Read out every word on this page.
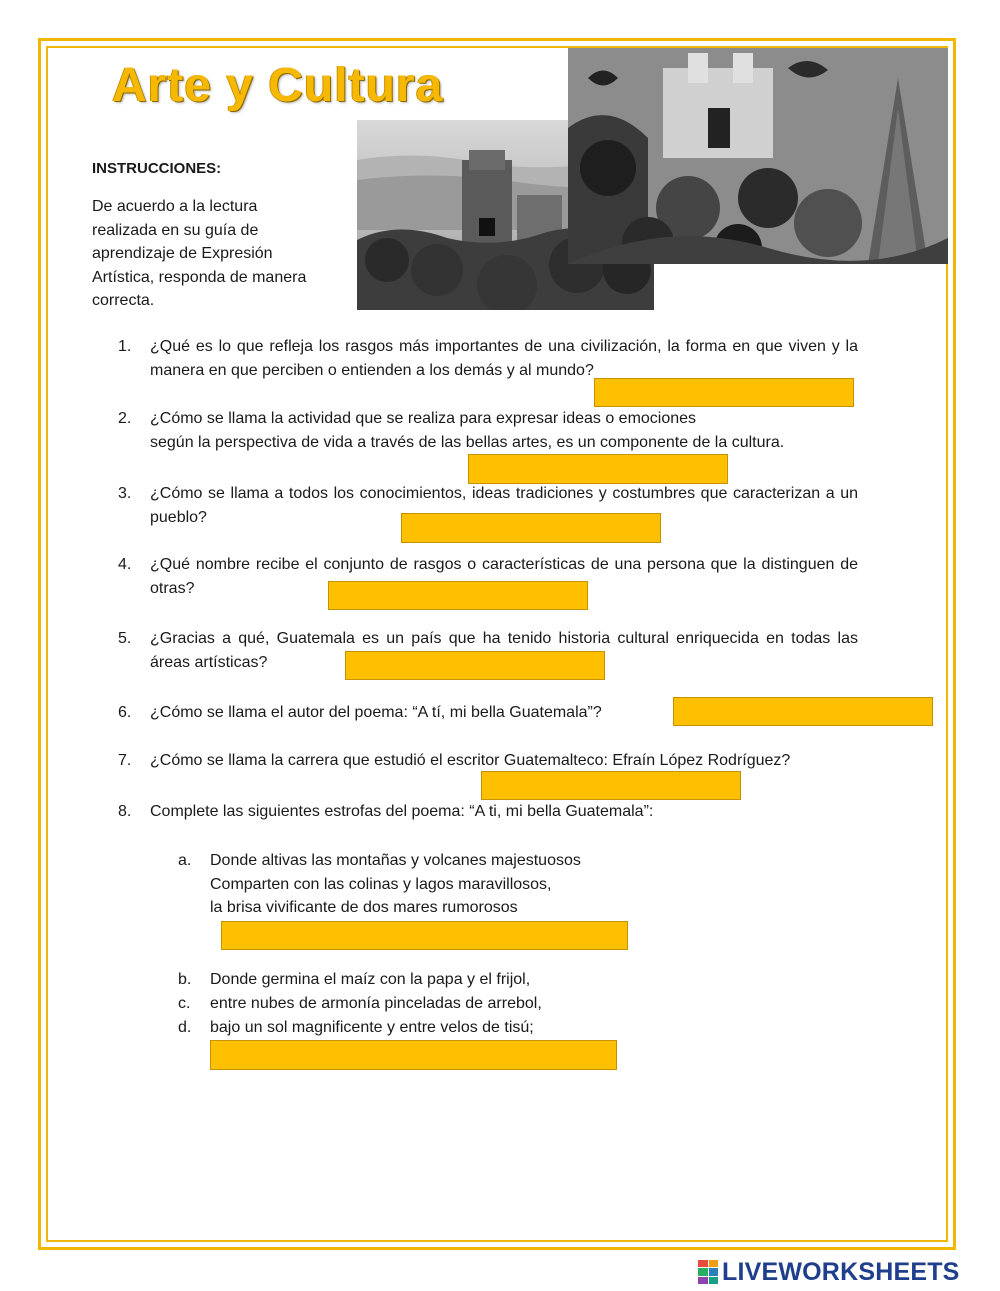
Arte y Cultura
INSTRUCCIONES:
De acuerdo a la lectura realizada en su guía de aprendizaje de Expresión Artística, responda de manera correcta.
1.	¿Qué es lo que refleja los rasgos más importantes de una civilización, la forma en que viven y la manera en que perciben o entienden a los demás y al mundo?
2.	¿Cómo se llama la actividad que se realiza para expresar ideas o emociones
según la perspectiva de vida a través de las bellas artes, es un componente de la cultura.
3.	¿Cómo se llama a todos los conocimientos, ideas tradiciones y costumbres que caracterizan a un pueblo?
4.	¿Qué nombre recibe el conjunto de rasgos o características de una persona que la distinguen de otras?
5.	¿Gracias a qué, Guatemala es un país que ha tenido historia cultural enriquecida en todas las áreas artísticas?
6.	¿Cómo se llama el autor del poema: “A tí, mi bella Guatemala”?
7.	¿Cómo se llama la carrera que estudió el escritor Guatemalteco: Efraín López Rodríguez?
8.	Complete las siguientes estrofas del poema: “A ti, mi bella Guatemala”:
a.	Donde altivas las montañas y volcanes majestuosos
Comparten con las colinas y lagos maravillosos,
la brisa vivificante de dos mares rumorosos
b.	Donde germina el maíz con la papa y el frijol,
c.	entre nubes de armonía pinceladas de arrebol,
d.	bajo un sol magnificente y entre velos de tisú;
LIVEWORKSHEETS
